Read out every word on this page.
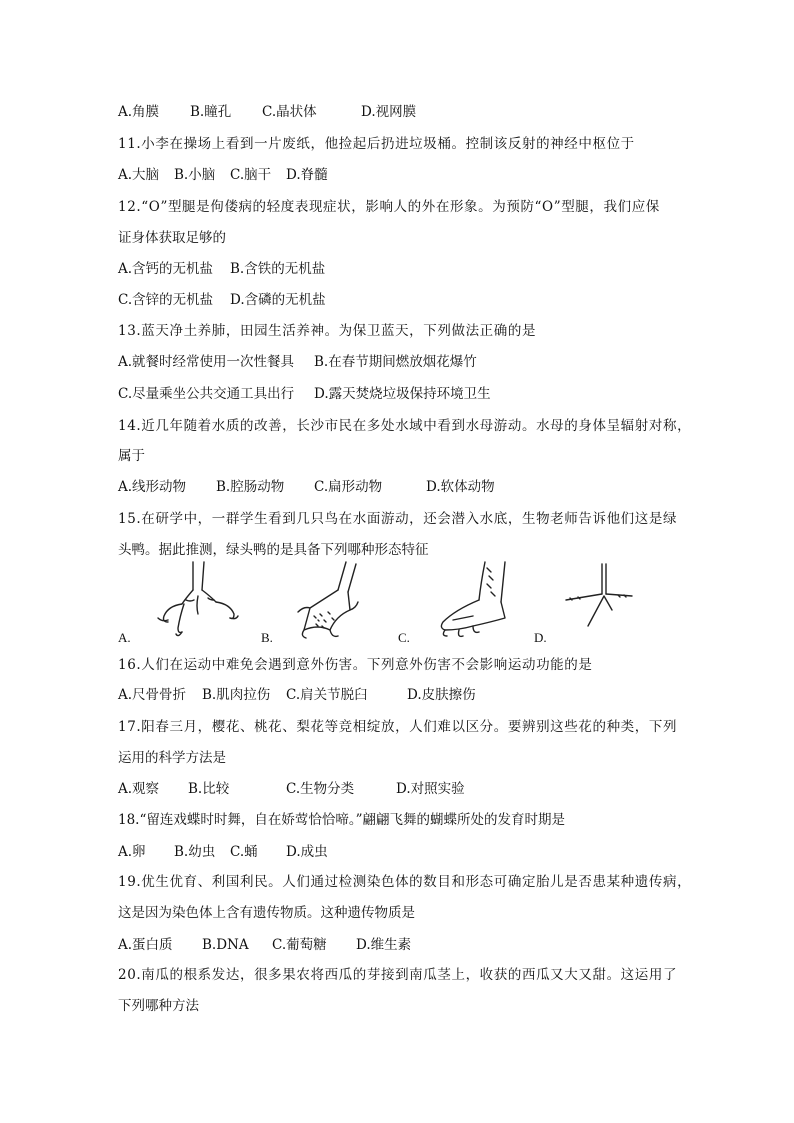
A.角膜 B.瞳孔 C.晶状体	D.视网膜
11.小李在操场上看到一片废纸，他捡起后扔进垃圾桶。控制该反射的神经中枢位于
A.大脑 B.小脑 C.脑干 D.脊髓
12.“O”型腿是佝偻病的轻度表现症状，影响人的外在形象。为预防“O”型腿，我们应保
证身体获取足够的
A.含钙的无机盐 B.含铁的无机盐
C.含锌的无机盐 D.含磷的无机盐
13.蓝天净土养肺，田园生活养神。为保卫蓝天，下列做法正确的是
A.就餐时经常使用一次性餐具 B.在春节期间燃放烟花爆竹
C.尽量乘坐公共交通工具出行 D.露天焚烧垃圾保持环境卫生
14.近几年随着水质的改善，长沙市民在多处水域中看到水母游动。水母的身体呈辐射对称，
属于
A.线形动物 B.腔肠动物 C.扁形动物	D.软体动物
15.在研学中，一群学生看到几只鸟在水面游动，还会潜入水底，生物老师告诉他们这是绿
头鸭。据此推测，绿头鸭的是具备下列哪种形态特征
A.	B.	C.	D.
16.人们在运动中难免会遇到意外伤害。下列意外伤害不会影响运动功能的是
A.尺骨骨折 B.肌肉拉伤 C.肩关节脱臼	D.皮肤擦伤
17.阳春三月，樱花、桃花、梨花等竞相绽放，人们难以区分。要辨别这些花的种类，下列
运用的科学方法是
A.观察 B.比较	C.生物分类	D.对照实验
18.“留连戏蝶时时舞，自在娇莺恰恰啼。”翩翩飞舞的蝴蝶所处的发育时期是
A.卵 B.幼虫 C.蛹 D.成虫
19.优生优育、利国利民。人们通过检测染色体的数目和形态可确定胎儿是否患某种遗传病，
这是因为染色体上含有遗传物质。这种遗传物质是
A.蛋白质 B.DNA C.葡萄糖 D.维生素
20.南瓜的根系发达，很多果农将西瓜的芽接到南瓜茎上，收获的西瓜又大又甜。这运用了
下列哪种方法
